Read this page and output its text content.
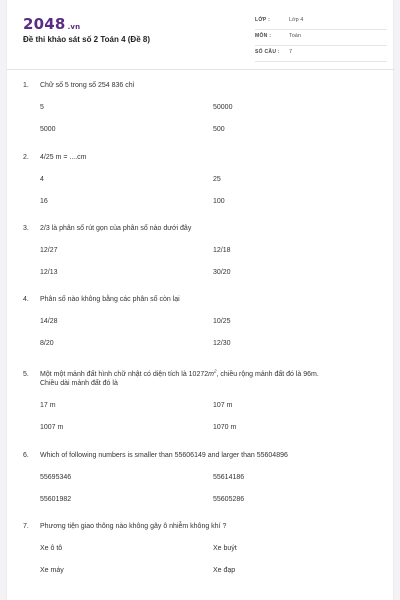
2048 .vn
Đề thi khảo sát số 2 Toán 4 (Đề 8)
LỚP :	Lớp 4
MÔN :	Toán
SỐ CÂU : 7
1. Chữ số 5 trong số 254 836 chỉ
5	50000
5000	500
2. 4/25 m = ....cm
4	25
16	100
3. 2/3 là phân số rút gọn của phân số nào dưới đây
12/27	12/18
12/13	30/20
4. Phân số nào không bằng các phân số còn lại
14/28	10/25
8/20	12/30
5. Một một mảnh đất hình chữ nhật có diện tích là $10272m^2$, chiều rộng mảnh đất đó là 96m.
Chiều dài mảnh đất đó là
17 m	107 m
1007 m	1070 m
6. Which of following numbers is smaller than 55606149 and larger than 55604896
55695346	55614186
55601982	55605286
7. Phương tiện giao thông nào không gây ô nhiễm không khí ?
Xe ô tô	Xe buýt
Xe máy	Xe đạp
